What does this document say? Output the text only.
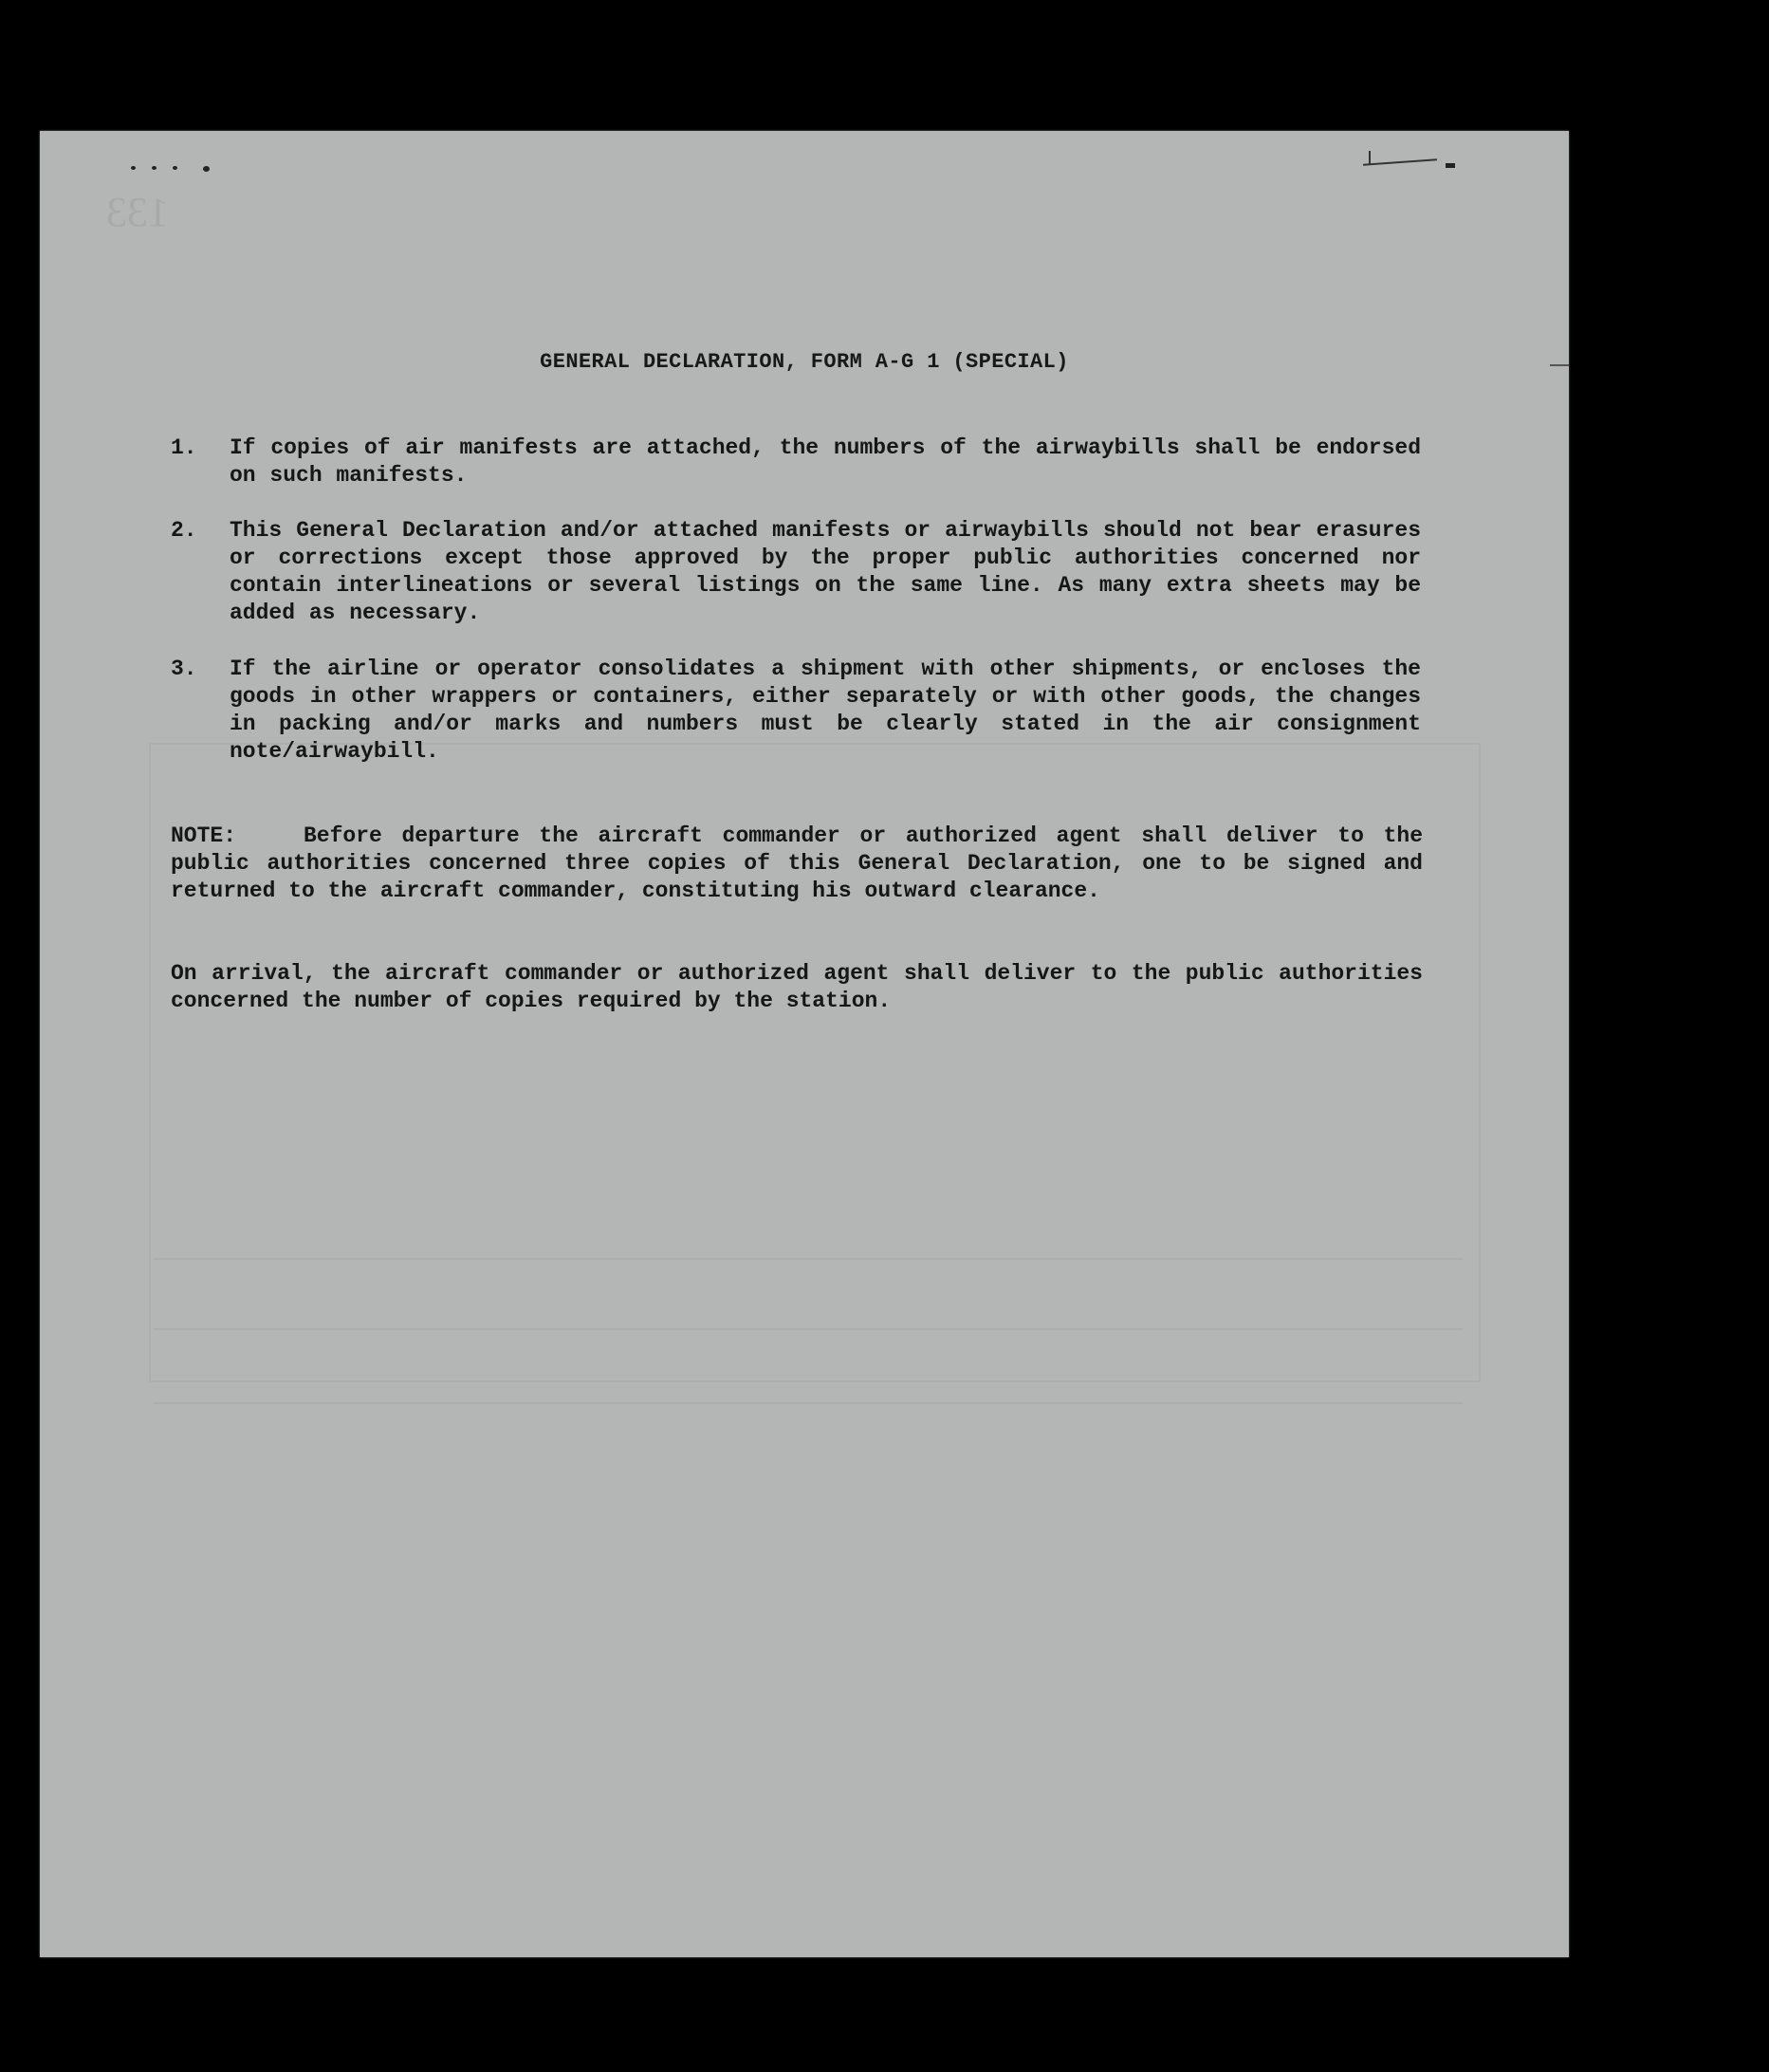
133
GENERAL DECLARATION, FORM A-G 1 (SPECIAL)
1.	If copies of air manifests are attached, the numbers of the airwaybills shall be endorsed on such manifests.
2.	This General Declaration and/or attached manifests or airwaybills should not bear erasures or corrections except those approved by the proper public authorities concerned nor contain interlineations or several listings on the same line. As many extra sheets may be added as necessary.
3.	If the airline or operator consolidates a shipment with other shipments, or encloses the goods in other wrappers or containers, either separately or with other goods, the changes in packing and/or marks and numbers must be clearly stated in the air consignment note/airwaybill.
NOTE:	Before departure the aircraft commander or authorized agent shall deliver to the public authorities concerned three copies of this General Declaration, one to be signed and returned to the aircraft commander, constituting his outward clearance.
On arrival, the aircraft commander or authorized agent shall deliver to the public authorities concerned the number of copies required by the station.
